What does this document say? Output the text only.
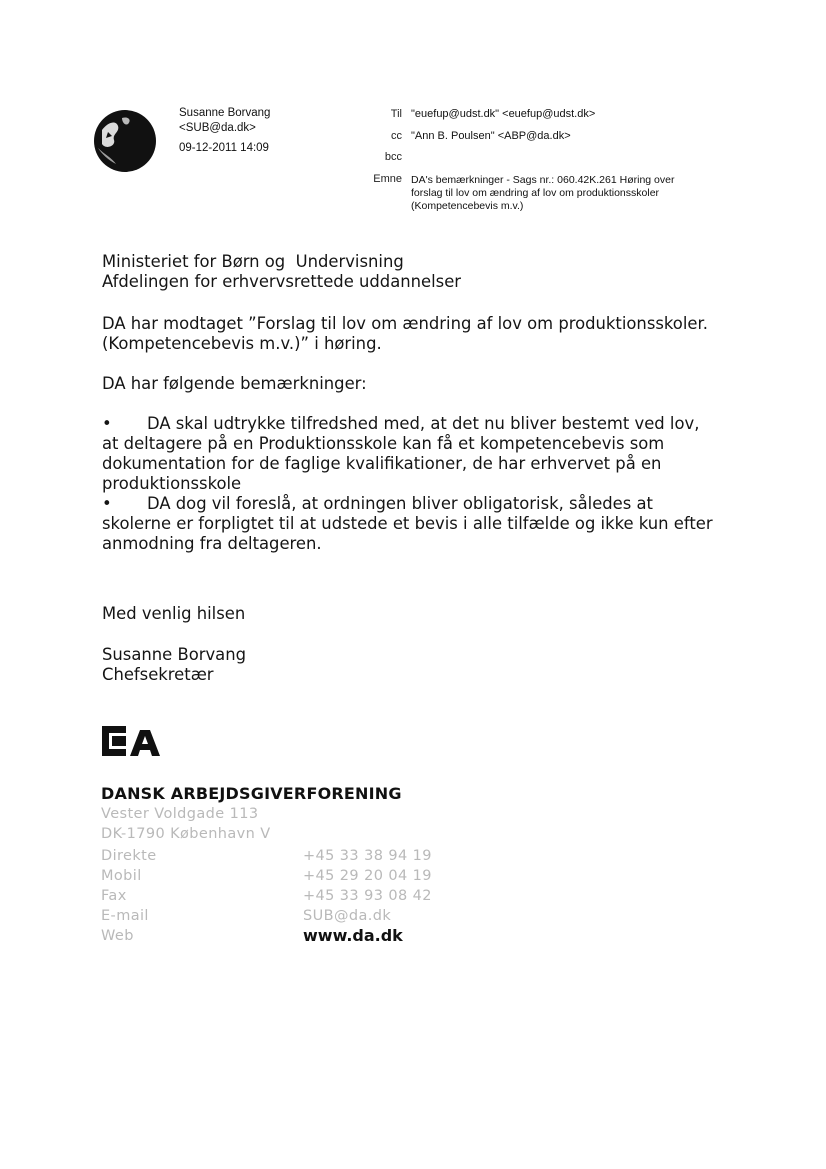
Susanne Borvang
<SUB@da.dk>
09-12-2011 14:09
Til "euefup@udst.dk" <euefup@udst.dk>
cc "Ann B. Poulsen" <ABP@da.dk>
bcc
Emne DA's bemærkninger - Sags nr.: 060.42K.261 Høring over
forslag til lov om ændring af lov om produktionsskoler
(Kompetencebevis m.v.)
Ministeriet for Børn og  Undervisning
Afdelingen for erhvervsrettede uddannelser
DA har modtaget ”Forslag til lov om ændring af lov om produktionsskoler.
(Kompetencebevis m.v.)” i høring.
DA har følgende bemærkninger:
• DA skal udtrykke tilfredshed med, at det nu bliver bestemt ved lov,
at deltagere på en Produktionsskole kan få et kompetencebevis som
dokumentation for de faglige kvalifikationer, de har erhvervet på en
produktionsskole
• DA dog vil foreslå, at ordningen bliver obligatorisk, således at
skolerne er forpligtet til at udstede et bevis i alle tilfælde og ikke kun efter
anmodning fra deltageren.
Med venlig hilsen
Susanne Borvang
Chefsekretær
DANSK ARBEJDSGIVERFORENING
Vester Voldgade 113
DK-1790 København V
Direkte	+45 33 38 94 19
Mobil	+45 29 20 04 19
Fax	+45 33 93 08 42
E-mail	SUB@da.dk
Web	www.da.dk
